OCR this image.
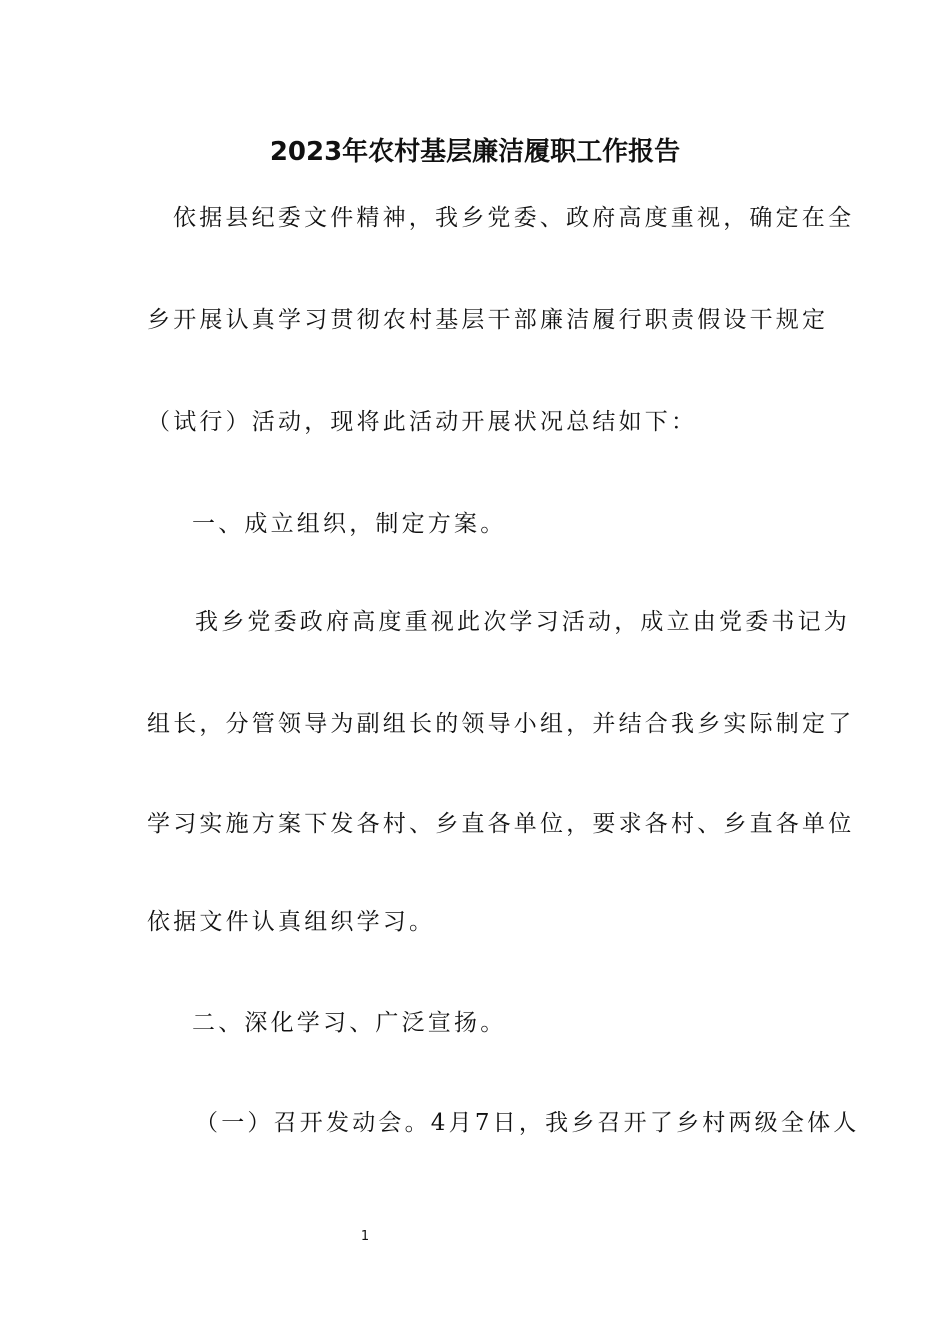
2023年农村基层廉洁履职工作报告

依据县纪委文件精神，我乡党委、政府高度重视，确定在全

乡开展认真学习贯彻农村基层干部廉洁履行职责假设干规定

（试行）活动，现将此活动开展状况总结如下：

一、成立组织，制定方案。

我乡党委政府高度重视此次学习活动，成立由党委书记为

组长，分管领导为副组长的领导小组，并结合我乡实际制定了

学习实施方案下发各村、乡直各单位，要求各村、乡直各单位

依据文件认真组织学习。

二、深化学习、广泛宣扬。

（一）召开发动会。4月7日，我乡召开了乡村两级全体人

1
